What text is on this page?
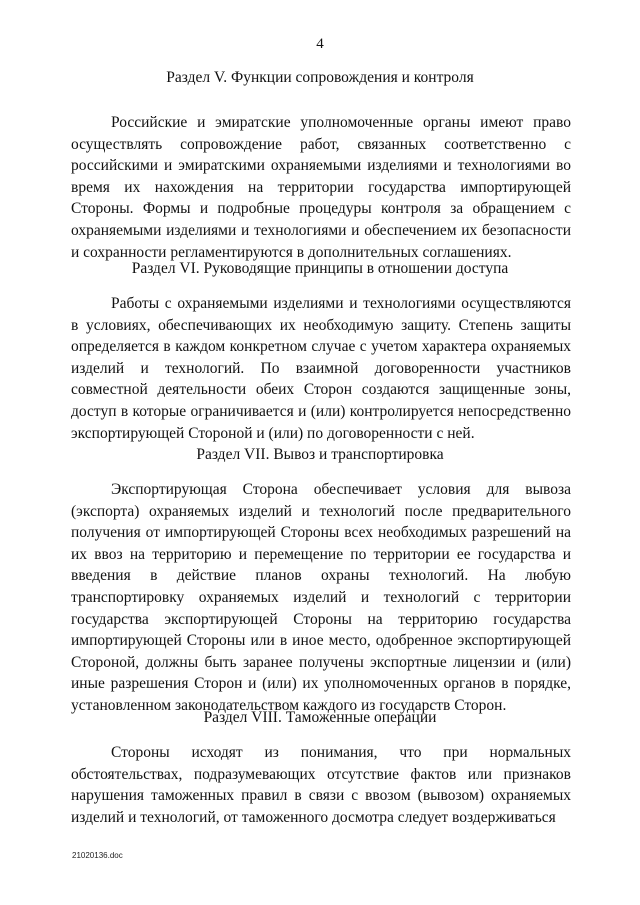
4
Раздел V. Функции сопровождения и контроля

Российские и эмиратские уполномоченные органы имеют право осуществлять сопровождение работ, связанных соответственно с российскими и эмиратскими охраняемыми изделиями и технологиями во время их нахождения на территории государства импортирующей Стороны. Формы и подробные процедуры контроля за обращением с охраняемыми изделиями и технологиями и обеспечением их безопасности и сохранности регламентируются в дополнительных соглашениях.

Раздел VI. Руководящие принципы в отношении доступа

Работы с охраняемыми изделиями и технологиями осуществляются в условиях, обеспечивающих их необходимую защиту. Степень защиты определяется в каждом конкретном случае с учетом характера охраняемых изделий и технологий. По взаимной договоренности участников совместной деятельности обеих Сторон создаются защищенные зоны, доступ в которые ограничивается и (или) контролируется непосредственно экспортирующей Стороной и (или) по договоренности с ней.

Раздел VII. Вывоз и транспортировка

Экспортирующая Сторона обеспечивает условия для вывоза (экспорта) охраняемых изделий и технологий после предварительного получения от импортирующей Стороны всех необходимых разрешений на их ввоз на территорию и перемещение по территории ее государства и введения в действие планов охраны технологий. На любую транспортировку охраняемых изделий и технологий с территории государства экспортирующей Стороны на территорию государства импортирующей Стороны или в иное место, одобренное экспортирующей Стороной, должны быть заранее получены экспортные лицензии и (или) иные разрешения Сторон и (или) их уполномоченных органов в порядке, установленном законодательством каждого из государств Сторон.

Раздел VIII. Таможенные операции

Стороны исходят из понимания, что при нормальных обстоятельствах, подразумевающих отсутствие фактов или признаков нарушения таможенных правил в связи с ввозом (вывозом) охраняемых изделий и технологий, от таможенного досмотра следует воздерживаться

21020136.doc
